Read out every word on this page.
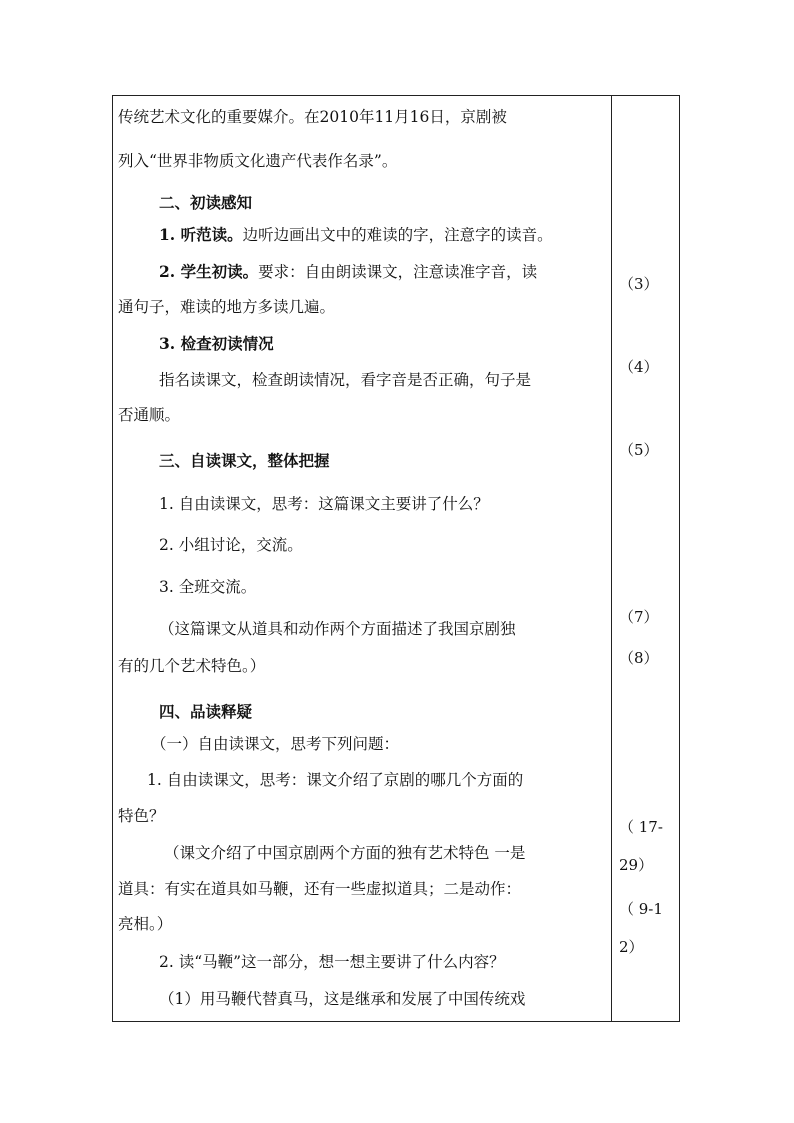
传统艺术文化的重要媒介。在2010年11月16日，京剧被
列入“世界非物质文化遗产代表作名录”。
二、初读感知
1. 听范读。边听边画出文中的难读的字，注意字的读音。
2. 学生初读。要求：自由朗读课文，注意读准字音，读
通句子，难读的地方多读几遍。
3. 检查初读情况
指名读课文，检查朗读情况，看字音是否正确，句子是
否通顺。
三、自读课文，整体把握
1. 自由读课文，思考：这篇课文主要讲了什么？
2. 小组讨论，交流。
3. 全班交流。
（这篇课文从道具和动作两个方面描述了我国京剧独
有的几个艺术特色。）
四、品读释疑
（一）自由读课文，思考下列问题：
1. 自由读课文，思考：课文介绍了京剧的哪几个方面的
特色？
（课文介绍了中国京剧两个方面的独有艺术特色 一是
道具：有实在道具如马鞭，还有一些虚拟道具；二是动作：
亮相。）
2. 读“马鞭”这一部分，想一想主要讲了什么内容？
（1）用马鞭代替真马，这是继承和发展了中国传统戏
（3）
（4）
（5）
（7）
（8）
（ 17-
29）
（ 9-1
2）
